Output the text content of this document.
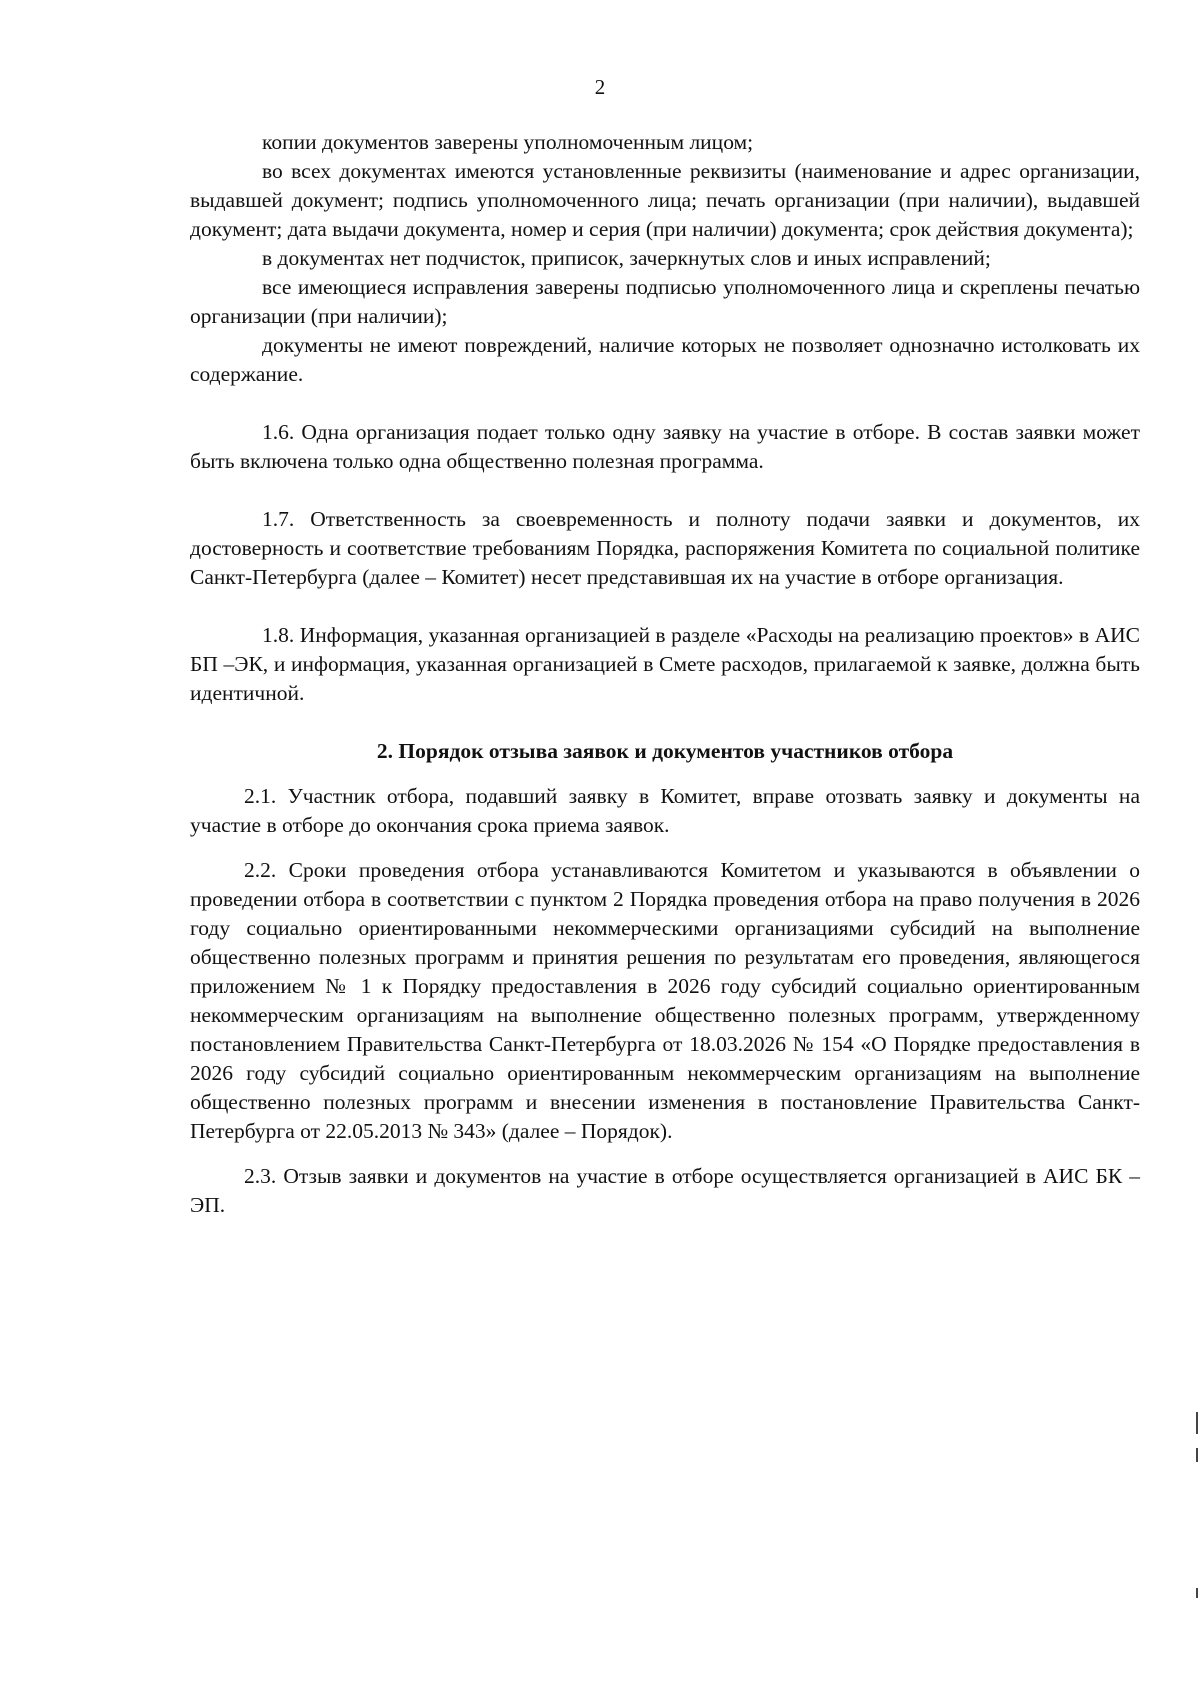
2

копии документов заверены уполномоченным лицом;

во всех документах имеются установленные реквизиты (наименование и адрес организации, выдавшей документ; подпись уполномоченного лица; печать организации (при наличии), выдавшей документ; дата выдачи документа, номер и серия (при наличии) документа; срок действия документа);

в документах нет подчисток, приписок, зачеркнутых слов и иных исправлений;

все имеющиеся исправления заверены подписью уполномоченного лица и скреплены печатью организации (при наличии);

документы не имеют повреждений, наличие которых не позволяет однозначно истолковать их содержание.

1.6. Одна организация подает только одну заявку на участие в отборе. В состав заявки может быть включена только одна общественно полезная программа.

1.7. Ответственность за своевременность и полноту подачи заявки и документов, их достоверность и соответствие требованиям Порядка, распоряжения Комитета по социальной политике Санкт-Петербурга (далее – Комитет) несет представившая их на участие в отборе организация.

1.8. Информация, указанная организацией в разделе «Расходы на реализацию проектов» в АИС БП –ЭК, и информация, указанная организацией в Смете расходов, прилагаемой к заявке, должна быть идентичной.

2. Порядок отзыва заявок и документов участников отбора

2.1. Участник отбора, подавший заявку в Комитет, вправе отозвать заявку и документы на участие в отборе до окончания срока приема заявок.

2.2. Сроки проведения отбора устанавливаются Комитетом и указываются в объявлении о проведении отбора в соответствии с пунктом 2 Порядка проведения отбора на право получения в 2026 году социально ориентированными некоммерческими организациями субсидий на выполнение общественно полезных программ и принятия решения по результатам его проведения, являющегося приложением № 1 к Порядку предоставления в 2026 году субсидий социально ориентированным некоммерческим организациям на выполнение общественно полезных программ, утвержденному постановлением Правительства Санкт-Петербурга от 18.03.2026 № 154 «О Порядке предоставления в 2026 году субсидий социально ориентированным некоммерческим организациям на выполнение общественно полезных программ и внесении изменения в постановление Правительства Санкт-Петербурга от 22.05.2013 № 343» (далее – Порядок).

2.3. Отзыв заявки и документов на участие в отборе осуществляется организацией в АИС БК – ЭП.
